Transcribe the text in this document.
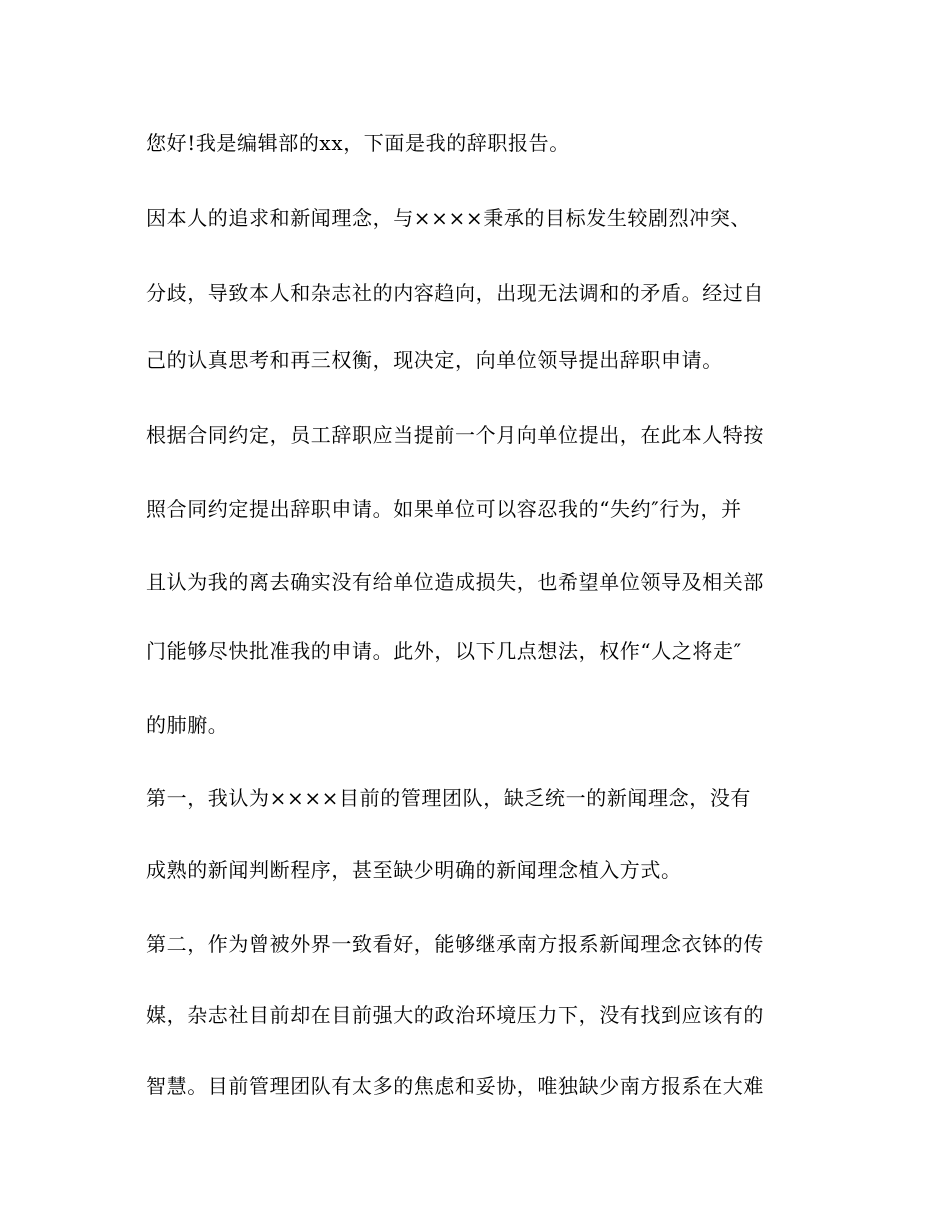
您好!我是编辑部的xx，下面是我的辞职报告。
因本人的追求和新闻理念，与××××秉承的目标发生较剧烈冲突、
分歧，导致本人和杂志社的内容趋向，出现无法调和的矛盾。经过自
己的认真思考和再三权衡，现决定，向单位领导提出辞职申请。
根据合同约定，员工辞职应当提前一个月向单位提出，在此本人特按
照合同约定提出辞职申请。如果单位可以容忍我的“失约″行为，并
且认为我的离去确实没有给单位造成损失，也希望单位领导及相关部
门能够尽快批准我的申请。此外，以下几点想法，权作“人之将走″
的肺腑。
第一，我认为××××目前的管理团队，缺乏统一的新闻理念，没有
成熟的新闻判断程序，甚至缺少明确的新闻理念植入方式。
第二，作为曾被外界一致看好，能够继承南方报系新闻理念衣钵的传
媒，杂志社目前却在目前强大的政治环境压力下，没有找到应该有的
智慧。目前管理团队有太多的焦虑和妥协，唯独缺少南方报系在大难
